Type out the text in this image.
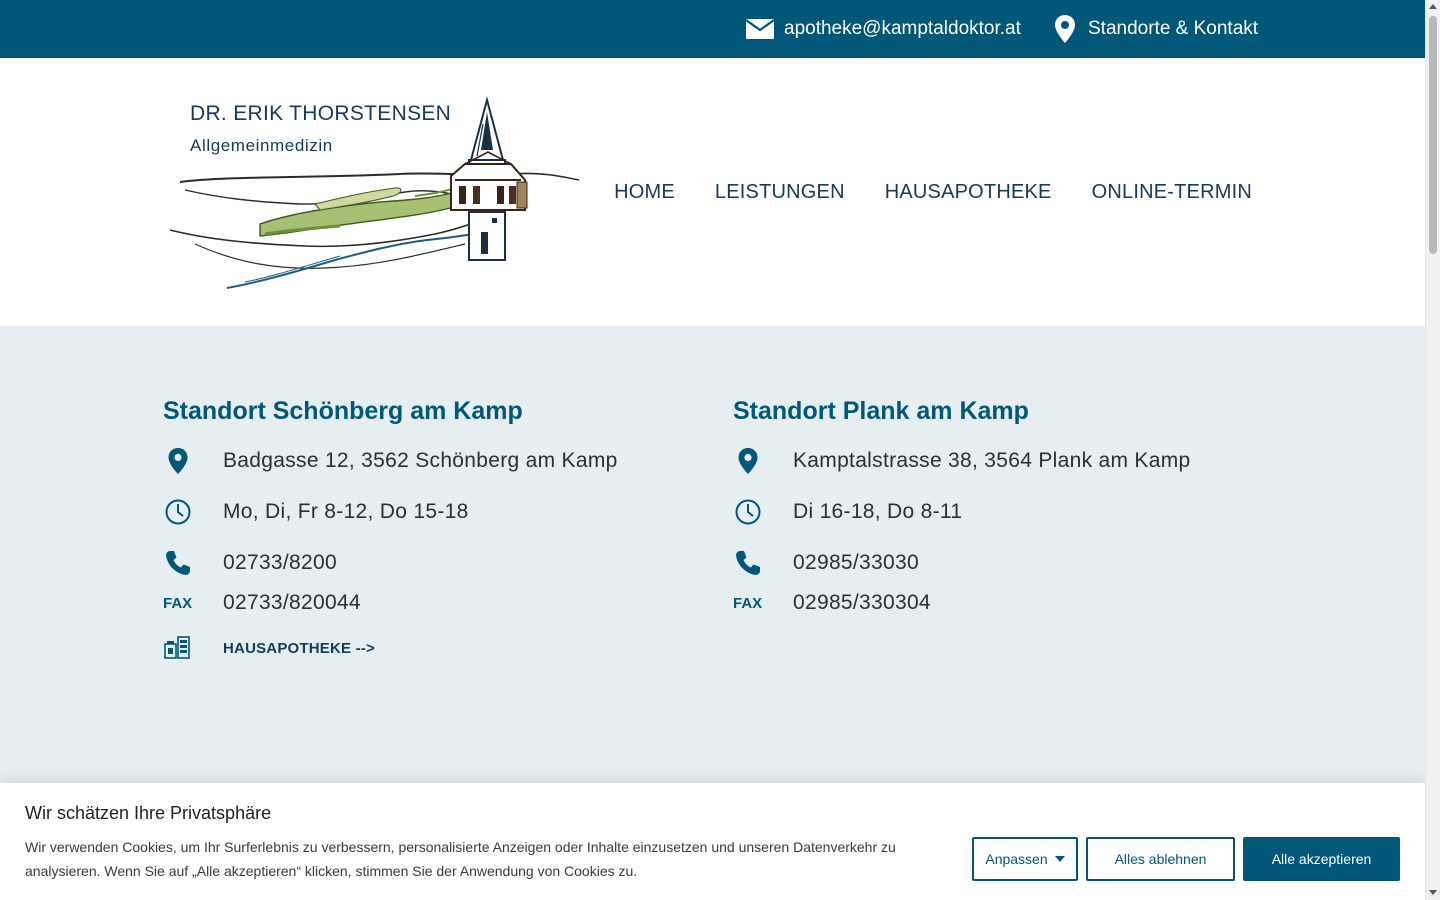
apotheke@kamptaldoktor.at	Standorte & Kontakt
DR. ERIK THORSTENSEN
Allgemeinmedizin
HOME LEISTUNGEN HAUSAPOTHEKE ONLINE-TERMIN
Standort Schönberg am Kamp
Badgasse 12, 3562 Schönberg am Kamp
Mo, Di, Fr 8-12, Do 15-18
02733/8200
FAX 02733/820044
HAUSAPOTHEKE -->
Standort Plank am Kamp
Kamptalstrasse 38, 3564 Plank am Kamp
Di 16-18, Do 8-11
02985/33030
FAX 02985/330304
Wir schätzen Ihre Privatsphäre

Wir verwenden Cookies, um Ihr Surferlebnis zu verbessern, personalisierte Anzeigen oder Inhalte einzusetzen und unseren Datenverkehr zu analysieren. Wenn Sie auf „Alle akzeptieren“ klicken, stimmen Sie der Anwendung von Cookies zu.

Anpassen	Alles ablehnen	Alle akzeptieren
